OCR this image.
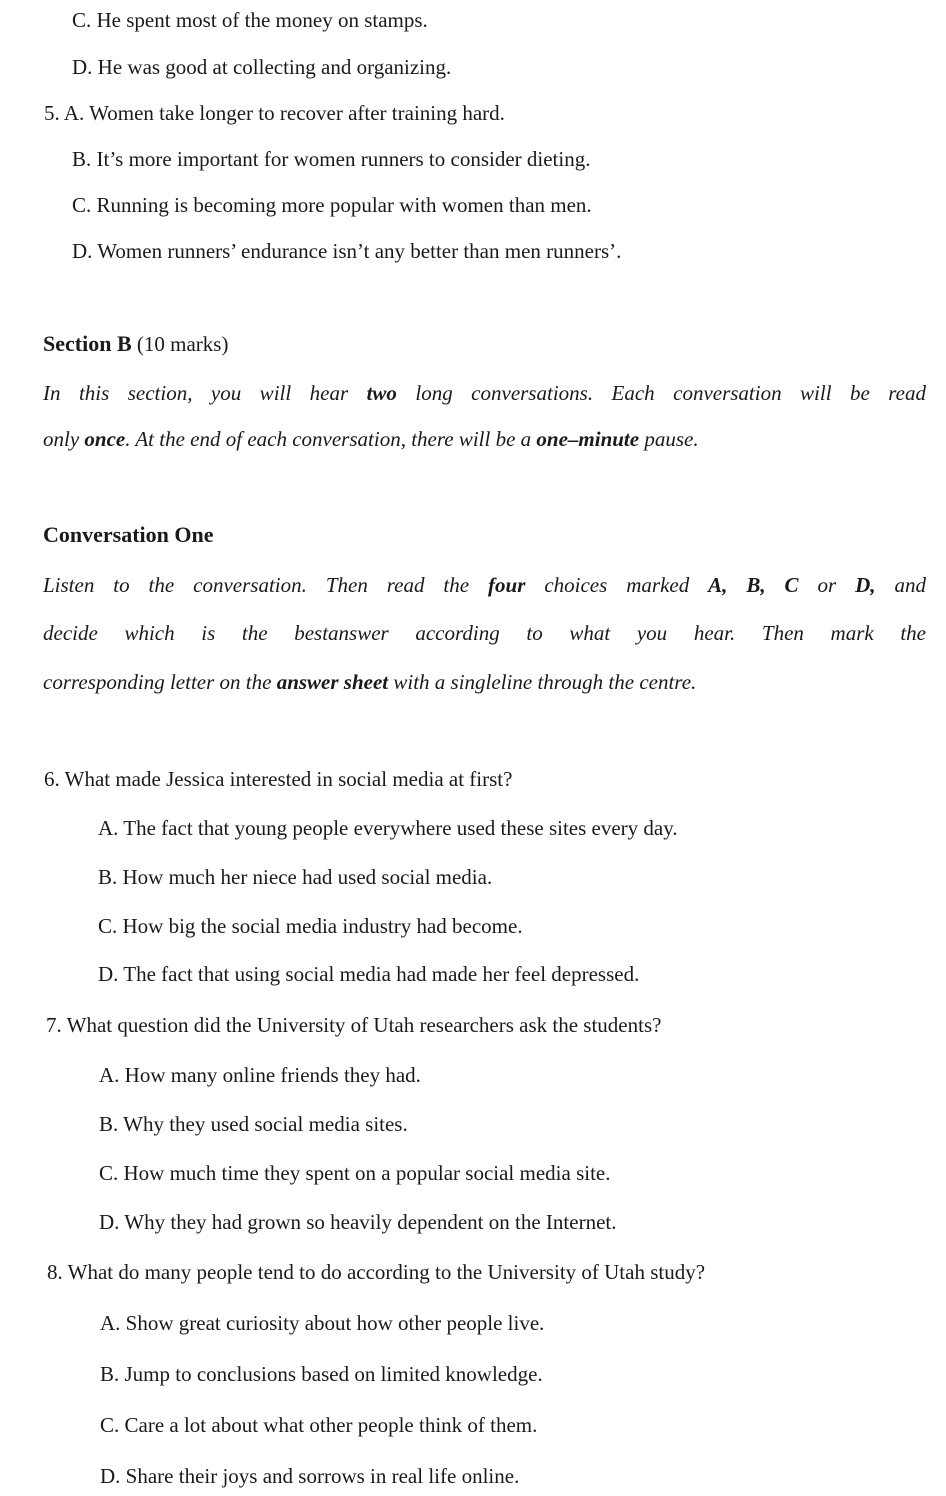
C. He spent most of the money on stamps.
D. He was good at collecting and organizing.
5. A. Women take longer to recover after training hard.
B. It’s more important for women runners to consider dieting.
C. Running is becoming more popular with women than men.
D. Women runners’ endurance isn’t any better than men runners’.
Section B (10 marks)
In this section, you will hear two long conversations. Each conversation will be read
only once. At the end of each conversation, there will be a one–minute pause.
Conversation One
Listen to the conversation. Then read the four choices marked A, B, C or D, and
decide which is the bestanswer according to what you hear. Then mark the
corresponding letter on the answer sheet with a singleline through the centre.
6. What made Jessica interested in social media at first?
A. The fact that young people everywhere used these sites every day.
B. How much her niece had used social media.
C. How big the social media industry had become.
D. The fact that using social media had made her feel depressed.
7. What question did the University of Utah researchers ask the students?
A. How many online friends they had.
B. Why they used social media sites.
C. How much time they spent on a popular social media site.
D. Why they had grown so heavily dependent on the Internet.
8. What do many people tend to do according to the University of Utah study?
A. Show great curiosity about how other people live.
B. Jump to conclusions based on limited knowledge.
C. Care a lot about what other people think of them.
D. Share their joys and sorrows in real life online.
